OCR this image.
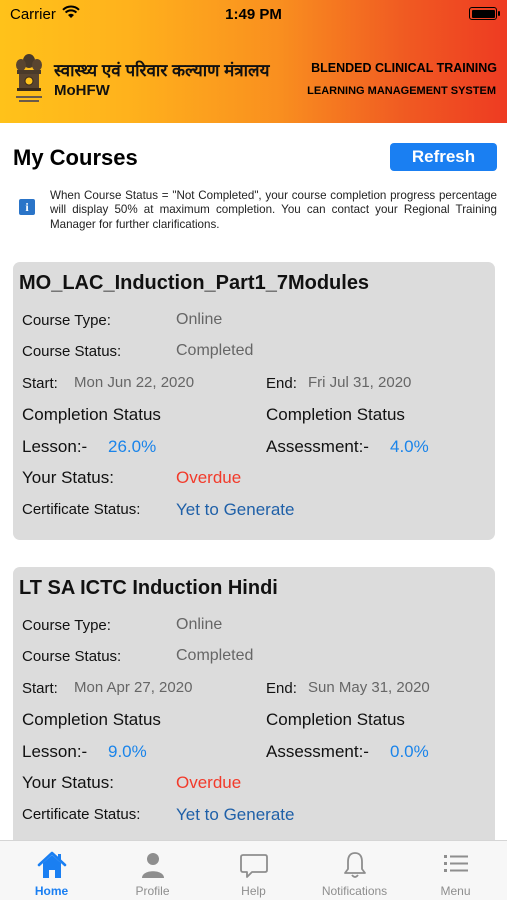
Carrier	1:49 PM
स्वास्थ्य एवं परिवार कल्याण मंत्रालय
MoHFW
BLENDED CLINICAL TRAINING
LEARNING MANAGEMENT SYSTEM
My Courses	Refresh
i

When Course Status = "Not Completed", your course completion progress percentage will display 50% at maximum completion. You can contact your Regional Training Manager for further clarifications.

MO_LAC_Induction_Part1_7Modules
Course Type:	Online
Course Status:	Completed
Start: Mon Jun 22, 2020	End: Fri Jul 31, 2020
Completion Status	Completion Status
Lesson:- 26.0%	Assessment:- 4.0%
Your Status:	Overdue
Certificate Status: Yet to Generate
LT SA ICTC Induction Hindi
Course Type:	Online
Course Status:	Completed
Start: Mon Apr 27, 2020	End: Sun May 31, 2020
Completion Status	Completion Status
Lesson:- 9.0%	Assessment:- 0.0%
Your Status:	Overdue
Certificate Status: Yet to Generate
Home	Profile	Help	Notifications	Menu
